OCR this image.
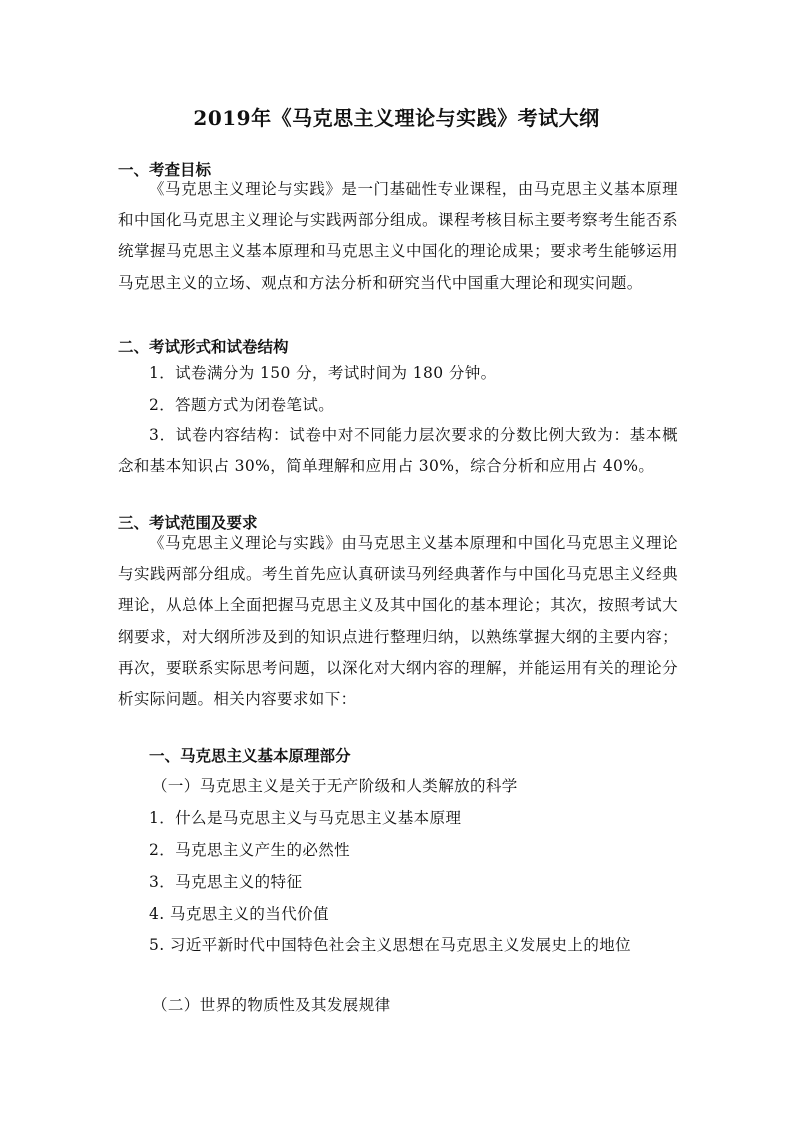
2019年《马克思主义理论与实践》考试大纲
一、考查目标
《马克思主义理论与实践》是一门基础性专业课程，由马克思主义基本原理和中国化马克思主义理论与实践两部分组成。课程考核目标主要考察考生能否系统掌握马克思主义基本原理和马克思主义中国化的理论成果；要求考生能够运用马克思主义的立场、观点和方法分析和研究当代中国重大理论和现实问题。
二、考试形式和试卷结构
1．试卷满分为 150 分，考试时间为 180 分钟。
2．答题方式为闭卷笔试。
3．试卷内容结构：试卷中对不同能力层次要求的分数比例大致为：基本概念和基本知识占 30%，简单理解和应用占 30%，综合分析和应用占 40%。
三、考试范围及要求
《马克思主义理论与实践》由马克思主义基本原理和中国化马克思主义理论与实践两部分组成。考生首先应认真研读马列经典著作与中国化马克思主义经典理论，从总体上全面把握马克思主义及其中国化的基本理论；其次，按照考试大纲要求，对大纲所涉及到的知识点进行整理归纳，以熟练掌握大纲的主要内容；再次，要联系实际思考问题，以深化对大纲内容的理解，并能运用有关的理论分析实际问题。相关内容要求如下：
一、马克思主义基本原理部分
（一）马克思主义是关于无产阶级和人类解放的科学
1．什么是马克思主义与马克思主义基本原理
2．马克思主义产生的必然性
3．马克思主义的特征
4. 马克思主义的当代价值
5. 习近平新时代中国特色社会主义思想在马克思主义发展史上的地位
（二）世界的物质性及其发展规律
